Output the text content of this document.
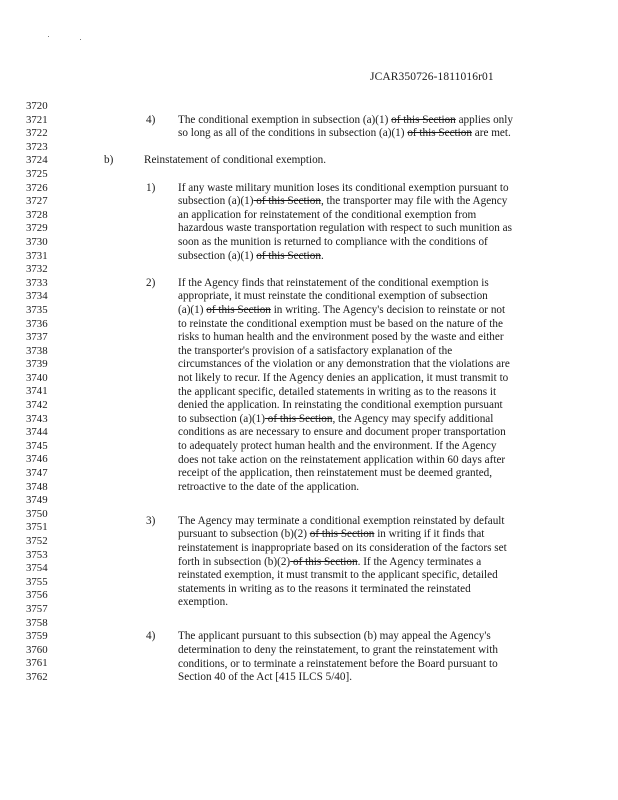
JCAR350726-1811016r01
3720
3721
3722
3723
3724
3725
3726
3727
3728
3729
3730
3731
3732
3733
3734
3735
3736
3737
3738
3739
3740
3741
3742
3743
3744
3745
3746
3747
3748
3749
3750
3751
3752
3753
3754
3755
3756
3757
3758
3759
3760
3761
3762
4) The conditional exemption in subsection (a)(1) of this Section applies only
so long as all of the conditions in subsection (a)(1) of this Section are met.
b)	Reinstatement of conditional exemption.
1) If any waste military munition loses its conditional exemption pursuant to
subsection (a)(1) of this Section, the transporter may file with the Agency
an application for reinstatement of the conditional exemption from
hazardous waste transportation regulation with respect to such munition as
soon as the munition is returned to compliance with the conditions of
subsection (a)(1) of this Section.
2) If the Agency finds that reinstatement of the conditional exemption is
appropriate, it must reinstate the conditional exemption of subsection
(a)(1) of this Section in writing. The Agency's decision to reinstate or not
to reinstate the conditional exemption must be based on the nature of the
risks to human health and the environment posed by the waste and either
the transporter's provision of a satisfactory explanation of the
circumstances of the violation or any demonstration that the violations are
not likely to recur. If the Agency denies an application, it must transmit to
the applicant specific, detailed statements in writing as to the reasons it
denied the application. In reinstating the conditional exemption pursuant
to subsection (a)(1) of this Section, the Agency may specify additional
conditions as are necessary to ensure and document proper transportation
to adequately protect human health and the environment. If the Agency
does not take action on the reinstatement application within 60 days after
receipt of the application, then reinstatement must be deemed granted,
retroactive to the date of the application.
3) The Agency may terminate a conditional exemption reinstated by default
pursuant to subsection (b)(2) of this Section in writing if it finds that
reinstatement is inappropriate based on its consideration of the factors set
forth in subsection (b)(2) of this Section. If the Agency terminates a
reinstated exemption, it must transmit to the applicant specific, detailed
statements in writing as to the reasons it terminated the reinstated
exemption.
4) The applicant pursuant to this subsection (b) may appeal the Agency's
determination to deny the reinstatement, to grant the reinstatement with
conditions, or to terminate a reinstatement before the Board pursuant to
Section 40 of the Act [415 ILCS 5/40].
